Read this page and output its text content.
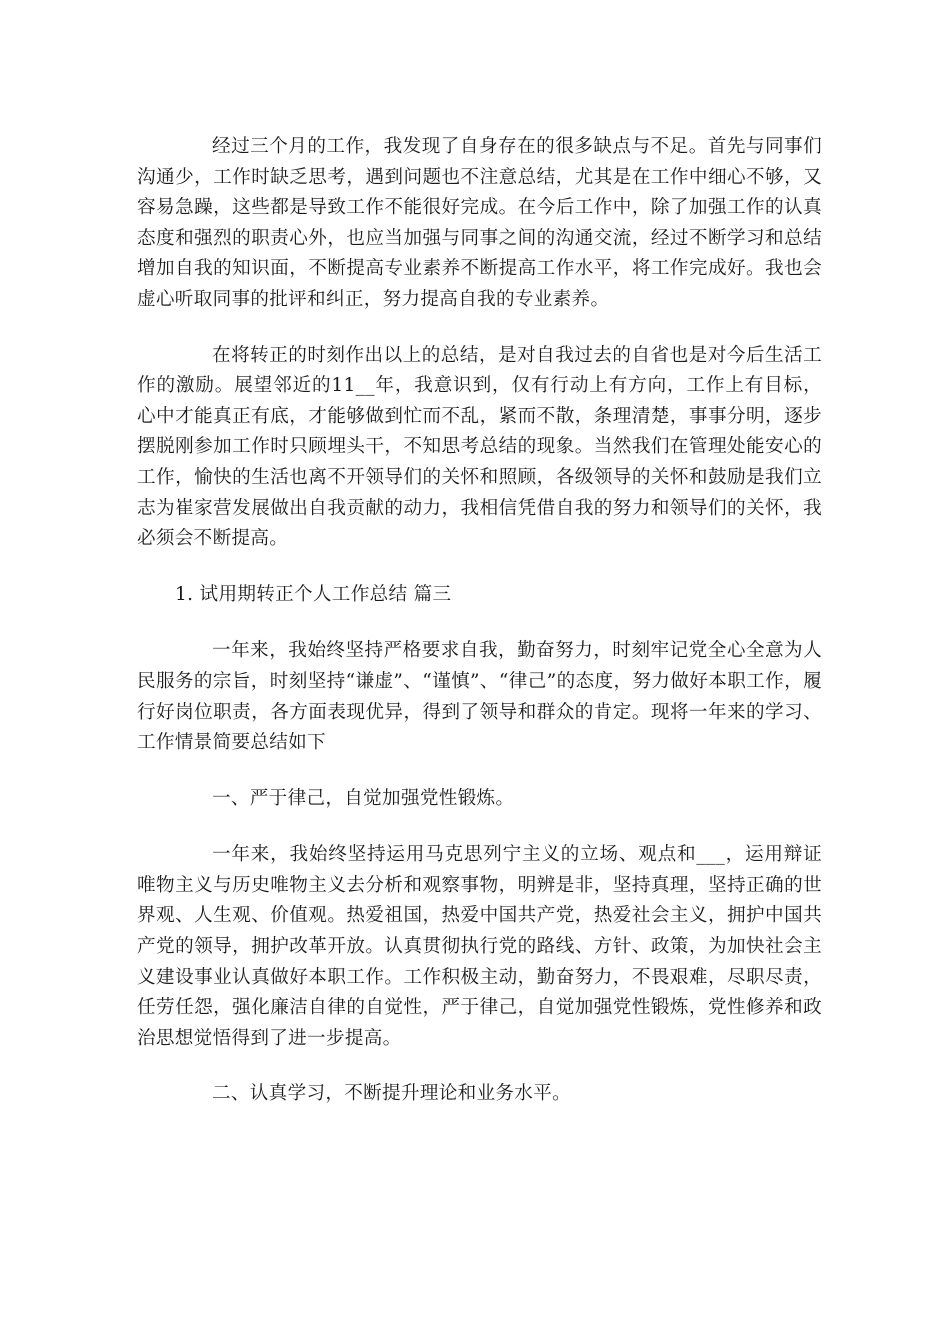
经过三个月的工作，我发现了自身存在的很多缺点与不足。首先与同事们沟通少，工作时缺乏思考，遇到问题也不注意总结，尤其是在工作中细心不够，又容易急躁，这些都是导致工作不能很好完成。在今后工作中，除了加强工作的认真态度和强烈的职责心外，也应当加强与同事之间的沟通交流，经过不断学习和总结增加自我的知识面，不断提高专业素养不断提高工作水平，将工作完成好。我也会虚心听取同事的批评和纠正，努力提高自我的专业素养。

在将转正的时刻作出以上的总结，是对自我过去的自省也是对今后生活工作的激励。展望邻近的11__年，我意识到，仅有行动上有方向，工作上有目标，心中才能真正有底，才能够做到忙而不乱，紧而不散，条理清楚，事事分明，逐步摆脱刚参加工作时只顾埋头干，不知思考总结的现象。当然我们在管理处能安心的工作，愉快的生活也离不开领导们的关怀和照顾，各级领导的关怀和鼓励是我们立志为崔家营发展做出自我贡献的动力，我相信凭借自我的努力和领导们的关怀，我必须会不断提高。

1. 试用期转正个人工作总结 篇三

一年来，我始终坚持严格要求自我，勤奋努力，时刻牢记党全心全意为人民服务的宗旨，时刻坚持“谦虚”、“谨慎”、“律己”的态度，努力做好本职工作，履行好岗位职责，各方面表现优异，得到了领导和群众的肯定。现将一年来的学习、工作情景简要总结如下

一、严于律己，自觉加强党性锻炼。

一年来，我始终坚持运用马克思列宁主义的立场、观点和___，运用辩证唯物主义与历史唯物主义去分析和观察事物，明辨是非，坚持真理，坚持正确的世界观、人生观、价值观。热爱祖国，热爱中国共产党，热爱社会主义，拥护中国共产党的领导，拥护改革开放。认真贯彻执行党的路线、方针、政策，为加快社会主义建设事业认真做好本职工作。工作积极主动，勤奋努力，不畏艰难，尽职尽责，任劳任怨，强化廉洁自律的自觉性，严于律己，自觉加强党性锻炼，党性修养和政治思想觉悟得到了进一步提高。

二、认真学习，不断提升理论和业务水平。
